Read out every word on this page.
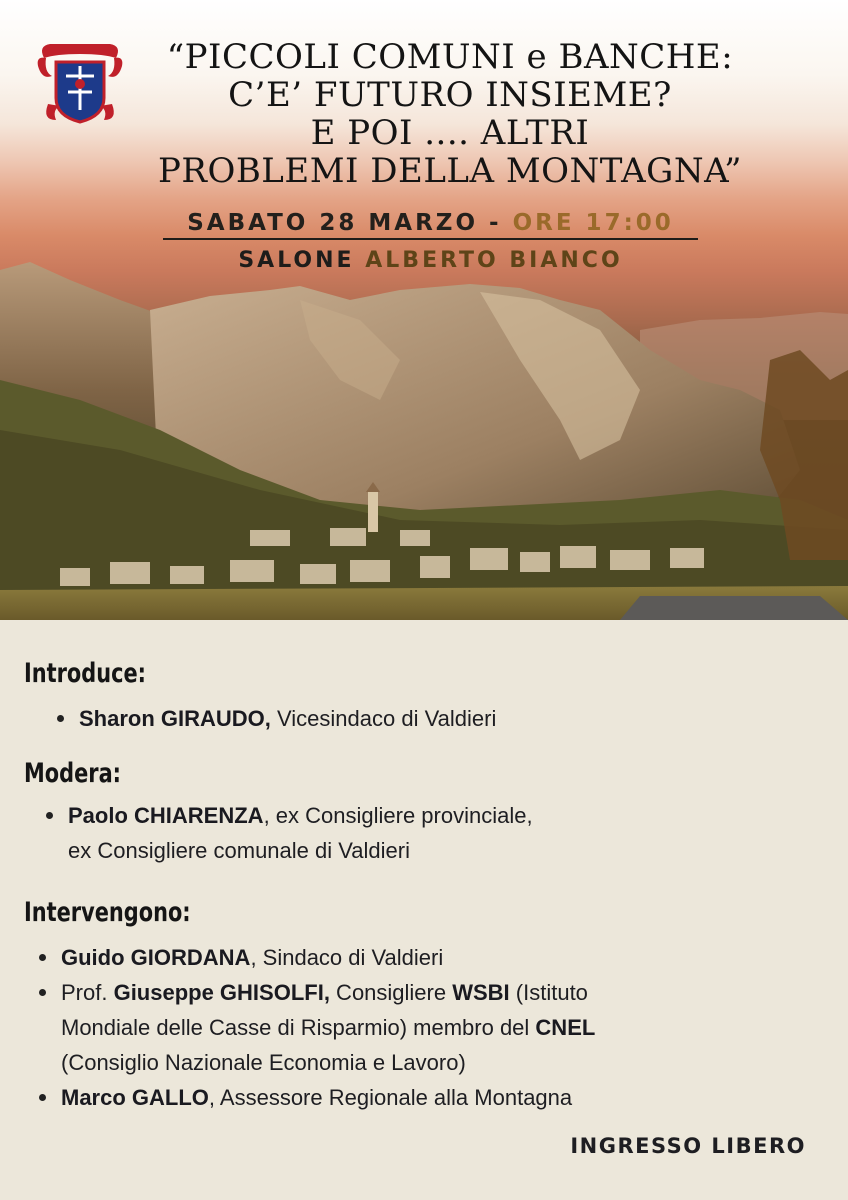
“PICCOLI COMUNI e BANCHE:
C’E’ FUTURO INSIEME?
E POI .... ALTRI
PROBLEMI DELLA MONTAGNA”
SABATO 28 MARZO - ORE 17:00
SALONE ALBERTO BIANCO
Introduce:
Sharon GIRAUDO, Vicesindaco di Valdieri
Modera:
Paolo CHIARENZA, ex Consigliere provinciale,
ex Consigliere comunale di Valdieri
Intervengono:
Guido GIORDANA, Sindaco di Valdieri
Prof. Giuseppe GHISOLFI, Consigliere WSBI (Istituto
Mondiale delle Casse di Risparmio) membro del CNEL
(Consiglio Nazionale Economia e Lavoro)
Marco GALLO, Assessore Regionale alla Montagna
INGRESSO LIBERO
